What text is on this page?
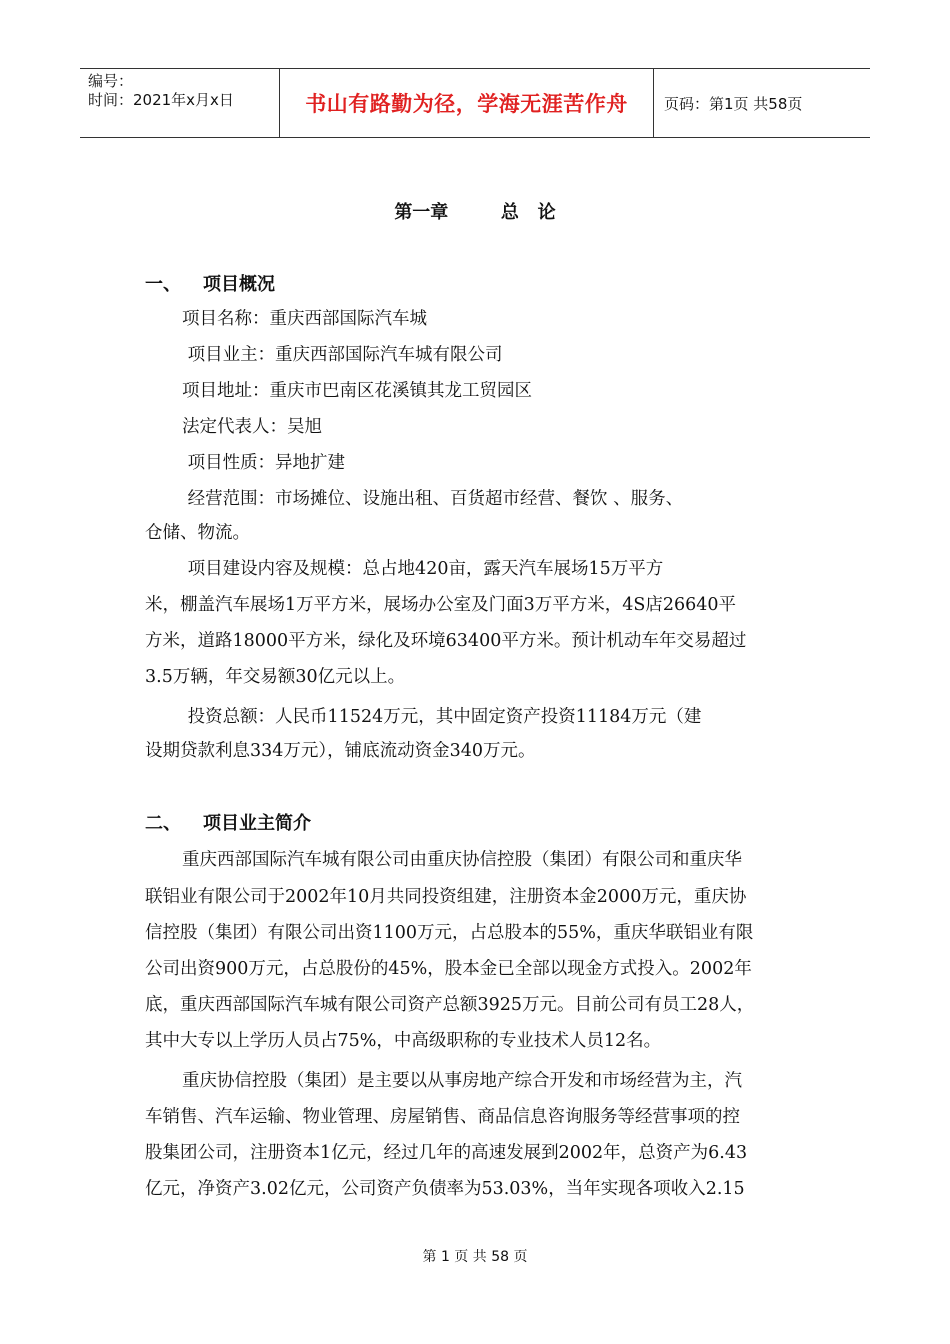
编号：
时间：2021年x月x日	书山有路勤为径，学海无涯苦作舟	页码：第1页 共58页
第一章	总   论
一、 项目概况
项目名称：重庆西部国际汽车城
项目业主：重庆西部国际汽车城有限公司
项目地址：重庆市巴南区花溪镇其龙工贸园区
法定代表人：吴旭
项目性质：异地扩建
经营范围：市场摊位、设施出租、百货超市经营、餐饮 、服务、
仓储、物流。
项目建设内容及规模：总占地420亩，露天汽车展场15万平方
米，棚盖汽车展场1万平方米，展场办公室及门面3万平方米，4S店26640平
方米，道路18000平方米，绿化及环境63400平方米。预计机动车年交易超过
3.5万辆，年交易额30亿元以上。
投资总额：人民币11524万元，其中固定资产投资11184万元（建
设期贷款利息334万元），铺底流动资金340万元。
二、 项目业主简介
重庆西部国际汽车城有限公司由重庆协信控股（集团）有限公司和重庆华
联铝业有限公司于2002年10月共同投资组建，注册资本金2000万元，重庆协
信控股（集团）有限公司出资1100万元，占总股本的55%，重庆华联铝业有限
公司出资900万元，占总股份的45%，股本金已全部以现金方式投入。2002年
底，重庆西部国际汽车城有限公司资产总额3925万元。目前公司有员工28人，
其中大专以上学历人员占75%，中高级职称的专业技术人员12名。
重庆协信控股（集团）是主要以从事房地产综合开发和市场经营为主，汽
车销售、汽车运输、物业管理、房屋销售、商品信息咨询服务等经营事项的控
股集团公司，注册资本1亿元，经过几年的高速发展到2002年，总资产为6.43
亿元，净资产3.02亿元，公司资产负债率为53.03%，当年实现各项收入2.15
第 1 页 共 58 页
